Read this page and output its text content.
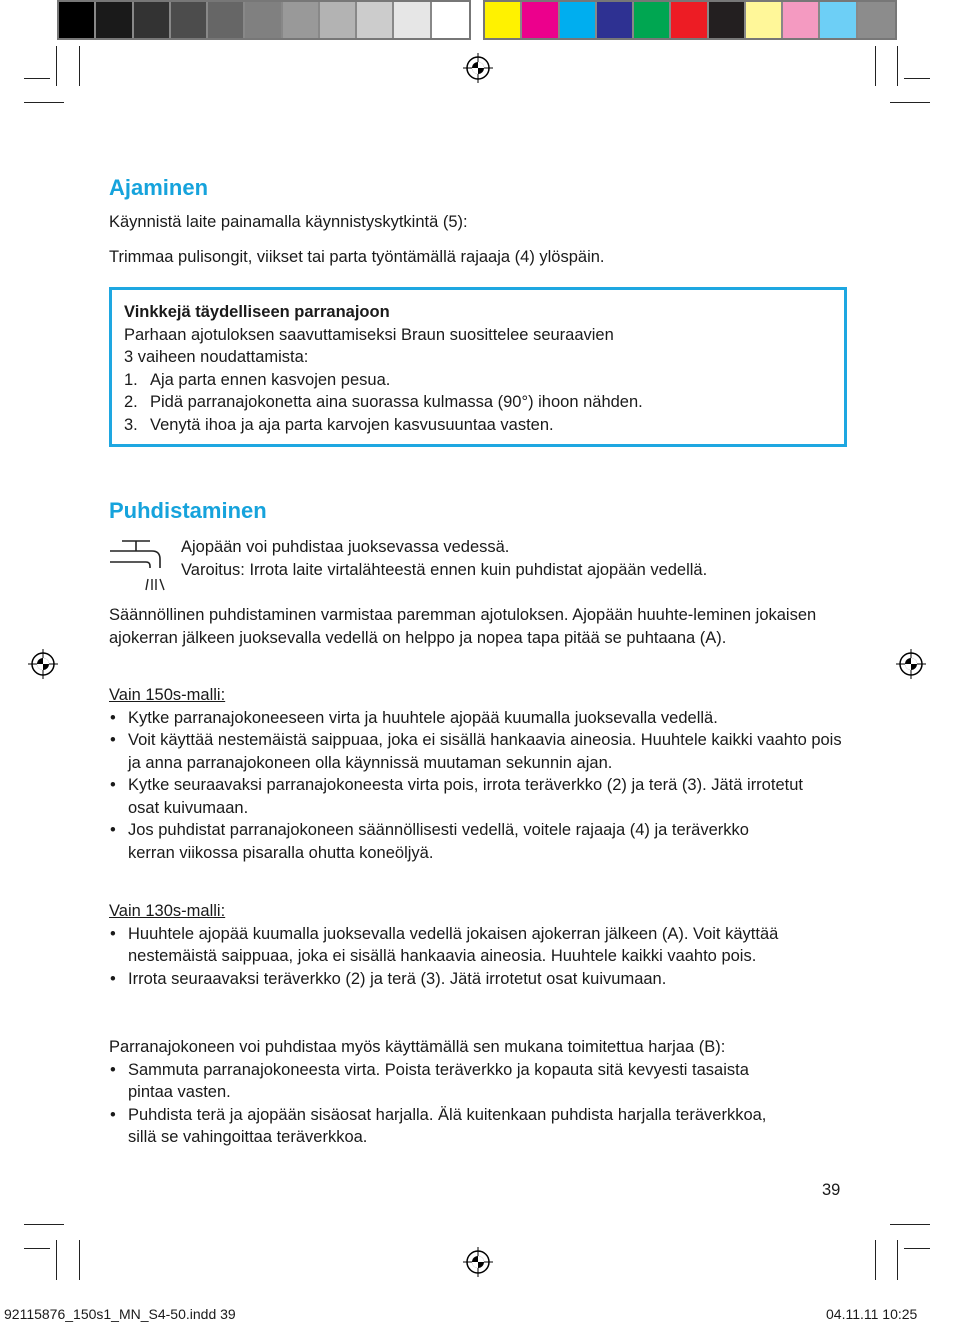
Ajaminen
Käynnistä laite painamalla käynnistyskytkintä (5):
Trimmaa pulisongit, viikset tai parta työntämällä rajaaja (4) ylöspäin.
Vinkkejä täydelliseen parranajoon
Parhaan ajotuloksen saavuttamiseksi Braun suosittelee seuraavien
3 vaiheen noudattamista:
1. Aja parta ennen kasvojen pesua.
2. Pidä parranajokonetta aina suorassa kulmassa (90°) ihoon nähden.
3. Venytä ihoa ja aja parta karvojen kasvusuuntaa vasten.
Puhdistaminen
Ajopään voi puhdistaa juoksevassa vedessä.
Varoitus: Irrota laite virtalähteestä ennen kuin puhdistat ajopään vedellä.
Säännöllinen puhdistaminen varmistaa paremman ajotuloksen. Ajopään huuhte-leminen jokaisen ajokerran jälkeen juoksevalla vedellä on helppo ja nopea tapa pitää se puhtaana (A).
Vain 150s-malli:
• Kytke parranajokoneeseen virta ja huuhtele ajopää kuumalla juoksevalla vedellä.
• Voit käyttää nestemäistä saippuaa, joka ei sisällä hankaavia aineosia. Huuhtele kaikki vaahto pois ja anna parranajokoneen olla käynnissä muutaman sekunnin ajan.
• Kytke seuraavaksi parranajokoneesta virta pois, irrota teräverkko (2) ja terä (3). Jätä irrotetut osat kuivumaan.
• Jos puhdistat parranajokoneen säännöllisesti vedellä, voitele rajaaja (4) ja teräverkko kerran viikossa pisaralla ohutta koneöljyä.
Vain 130s-malli:
• Huuhtele ajopää kuumalla juoksevalla vedellä jokaisen ajokerran jälkeen (A). Voit käyttää nestemäistä saippuaa, joka ei sisällä hankaavia aineosia. Huuhtele kaikki vaahto pois.
• Irrota seuraavaksi teräverkko (2) ja terä (3). Jätä irrotetut osat kuivumaan.
Parranajokoneen voi puhdistaa myös käyttämällä sen mukana toimitettua harjaa (B):
• Sammuta parranajokoneesta virta. Poista teräverkko ja kopauta sitä kevyesti tasaista pintaa vasten.
• Puhdista terä ja ajopään sisäosat harjalla. Älä kuitenkaan puhdista harjalla teräverkkoa, sillä se vahingoittaa teräverkkoa.
39
92115876_150s1_MN_S4-50.indd 39	04.11.11 10:25
